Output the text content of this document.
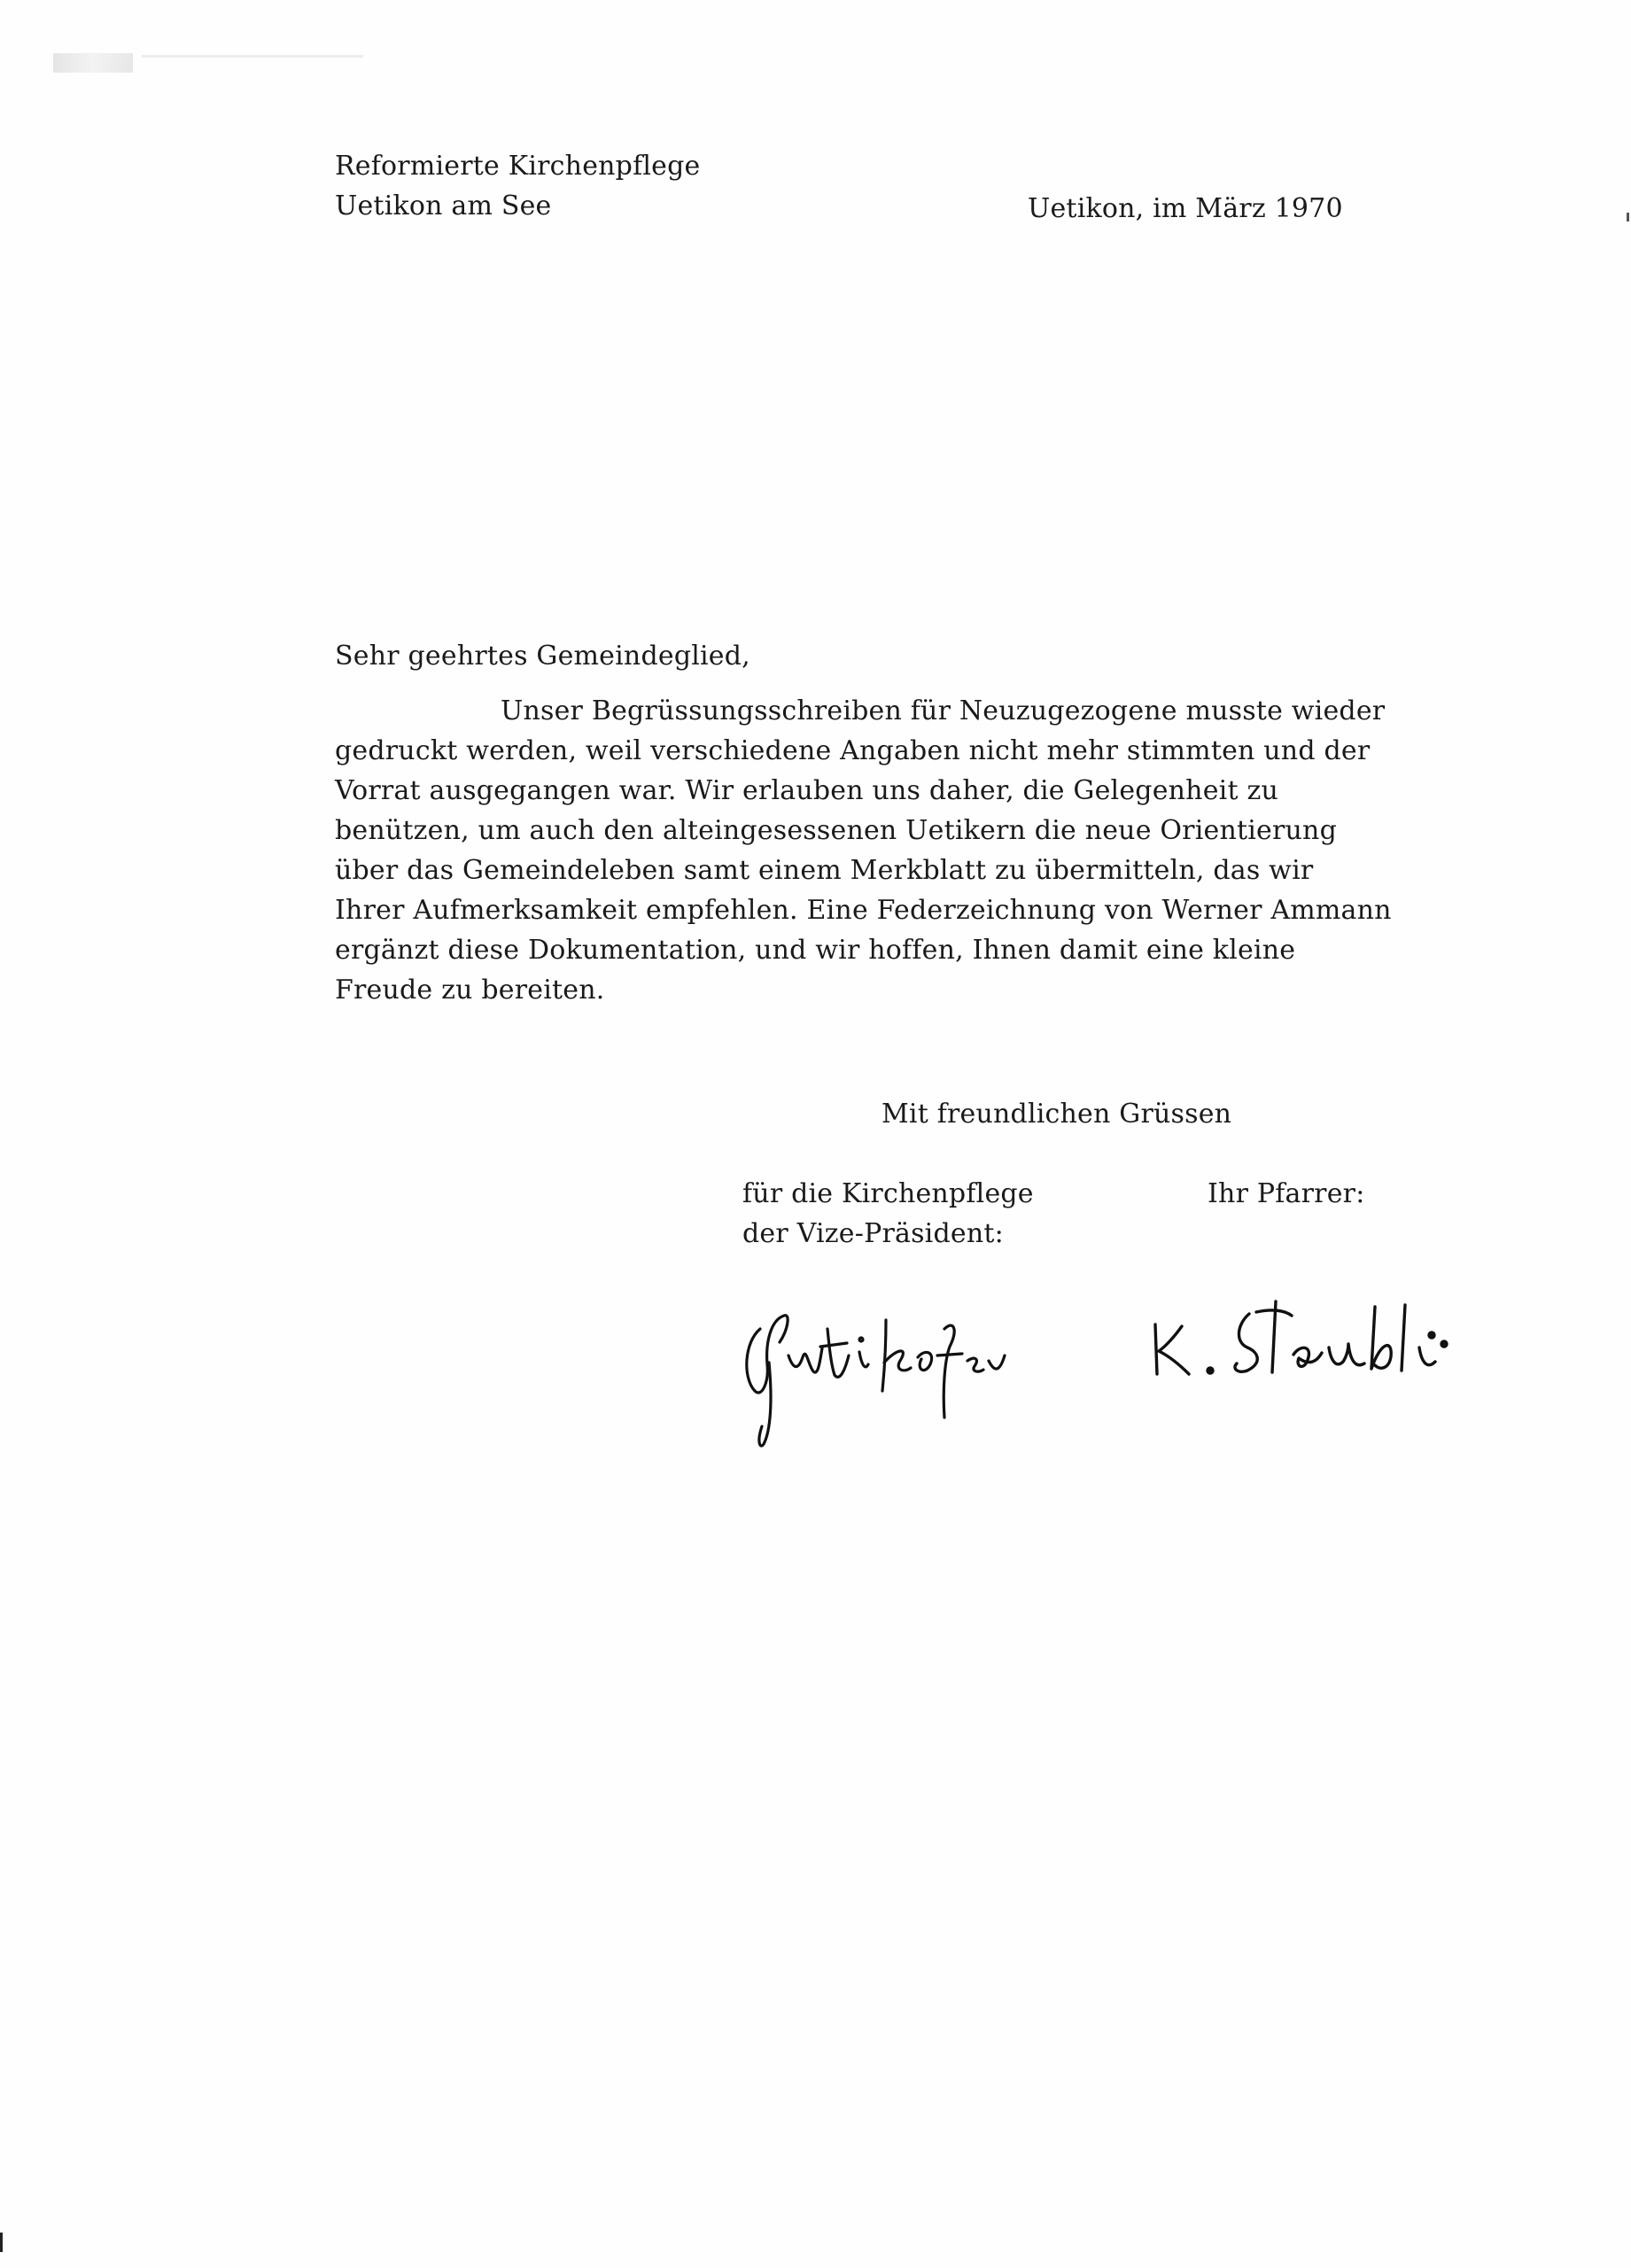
Reformierte Kirchenpflege
Uetikon am See	Uetikon, im März 1970
Sehr geehrtes Gemeindeglied,
Unser Begrüssungsschreiben für Neuzugezogene musste wieder
gedruckt werden, weil verschiedene Angaben nicht mehr stimmten und der
Vorrat ausgegangen war. Wir erlauben uns daher, die Gelegenheit zu
benützen, um auch den alteingesessenen Uetikern die neue Orientierung
über das Gemeindeleben samt einem Merkblatt zu übermitteln, das wir
Ihrer Aufmerksamkeit empfehlen. Eine Federzeichnung von Werner Ammann
ergänzt diese Dokumentation, und wir hoffen, Ihnen damit eine kleine
Freude zu bereiten.
Mit freundlichen Grüssen
für die Kirchenpflege
der Vize-Präsident:
Ihr Pfarrer:
